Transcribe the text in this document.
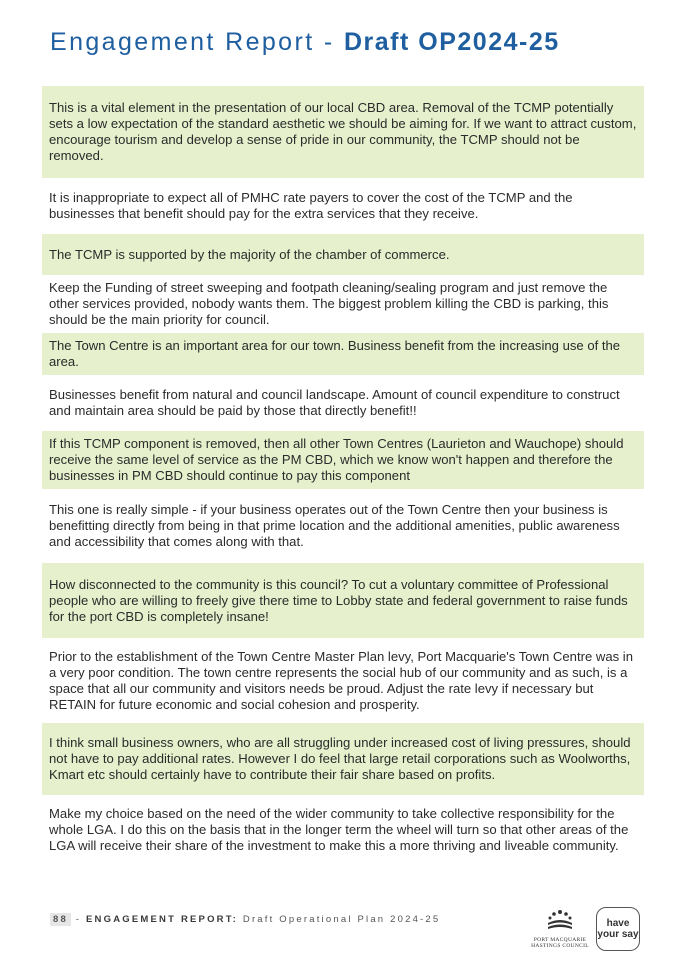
Engagement Report - Draft OP2024-25
This is a vital element in the presentation of our local CBD area. Removal of the TCMP potentially sets a low expectation of the standard aesthetic we should be aiming for. If we want to attract custom, encourage tourism and develop a sense of pride in our community, the TCMP should not be removed.
It is inappropriate to expect all of PMHC rate payers to cover the cost of the TCMP and the businesses that benefit should pay for the extra services that they receive.
The TCMP is supported by the majority of the chamber of commerce.
Keep the Funding of street sweeping and footpath cleaning/sealing program and just remove the other services provided, nobody wants them. The biggest problem killing the CBD is parking, this should be the main priority for council.
The Town Centre is an important area for our town. Business benefit from the increasing use of the area.
Businesses benefit from natural and council landscape. Amount of council expenditure to construct and maintain area should be paid by those that directly benefit!!
If this TCMP component is removed, then all other Town Centres (Laurieton and Wauchope) should receive the same level of service as the PM CBD, which we know won't happen and therefore the businesses in PM CBD should continue to pay this component
This one is really simple - if your business operates out of the Town Centre then your business is benefitting directly from being in that prime location and the additional amenities, public awareness and accessibility that comes along with that.
How disconnected to the community is this council? To cut a voluntary committee of Professional people who are willing to freely give there time to Lobby state and federal government to raise funds for the port CBD is completely insane!
Prior to the establishment of the Town Centre Master Plan levy, Port Macquarie's Town Centre was in a very poor condition. The town centre represents the social hub of our community and as such, is a space that all our community and visitors needs be proud. Adjust the rate levy if necessary but RETAIN for future economic and social cohesion and prosperity.
I think small business owners, who are all struggling under increased cost of living pressures, should not have to pay additional rates. However I do feel that large retail corporations such as Woolworths, Kmart etc should certainly have to contribute their fair share based on profits.
Make my choice based on the need of the wider community to take collective responsibility for the whole LGA. I do this on the basis that in the longer term the wheel will turn so that other areas of the LGA will receive their share of the investment to make this a more thriving and liveable community.
88 - ENGAGEMENT REPORT: Draft Operational Plan 2024-25
PORT MACQUARIE
HASTINGS COUNCIL
have
your say
